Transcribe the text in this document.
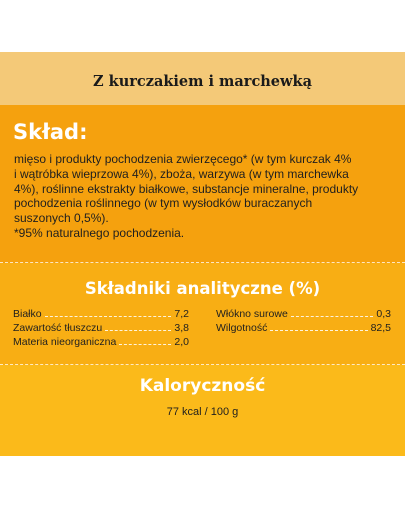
Z kurczakiem i marchewką
Skład:
mięso i produkty pochodzenia zwierzęcego* (w tym kurczak 4%
i wątróbka wieprzowa 4%), zboża, warzywa (w tym marchewka
4%), roślinne ekstrakty białkowe, substancje mineralne, produkty
pochodzenia roślinnego (w tym wysłodków buraczanych
suszonych 0,5%).
*95% naturalnego pochodzenia.
Składniki analityczne (%)
Białko	7,2
Zawartość tłuszczu	3,8
Materia nieorganiczna	2,0
Włókno surowe	0,3
Wilgotność	82,5
Kaloryczność
77 kcal / 100 g
